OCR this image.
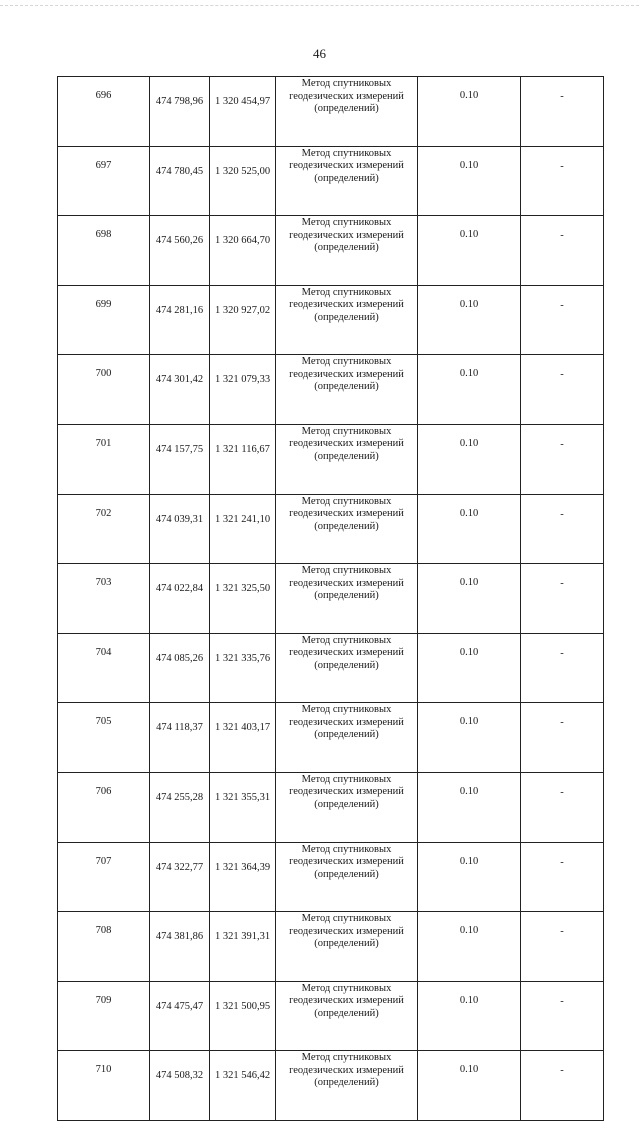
46
696	474 798,96	1 320 454,97	Метод спутниковых
геодезических измерений
(определений)	0.10	-
697	474 780,45	1 320 525,00	Метод спутниковых
геодезических измерений
(определений)	0.10	-
698	474 560,26	1 320 664,70	Метод спутниковых
геодезических измерений
(определений)	0.10	-
699	474 281,16	1 320 927,02	Метод спутниковых
геодезических измерений
(определений)	0.10	-
700	474 301,42	1 321 079,33	Метод спутниковых
геодезических измерений
(определений)	0.10	-
701	474 157,75	1 321 116,67	Метод спутниковых
геодезических измерений
(определений)	0.10	-
702	474 039,31	1 321 241,10	Метод спутниковых
геодезических измерений
(определений)	0.10	-
703	474 022,84	1 321 325,50	Метод спутниковых
геодезических измерений
(определений)	0.10	-
704	474 085,26	1 321 335,76	Метод спутниковых
геодезических измерений
(определений)	0.10	-
705	474 118,37	1 321 403,17	Метод спутниковых
геодезических измерений
(определений)	0.10	-
706	474 255,28	1 321 355,31	Метод спутниковых
геодезических измерений
(определений)	0.10	-
707	474 322,77	1 321 364,39	Метод спутниковых
геодезических измерений
(определений)	0.10	-
708	474 381,86	1 321 391,31	Метод спутниковых
геодезических измерений
(определений)	0.10	-
709	474 475,47	1 321 500,95	Метод спутниковых
геодезических измерений
(определений)	0.10	-
710	474 508,32	1 321 546,42	Метод спутниковых
геодезических измерений
(определений)	0.10	-
